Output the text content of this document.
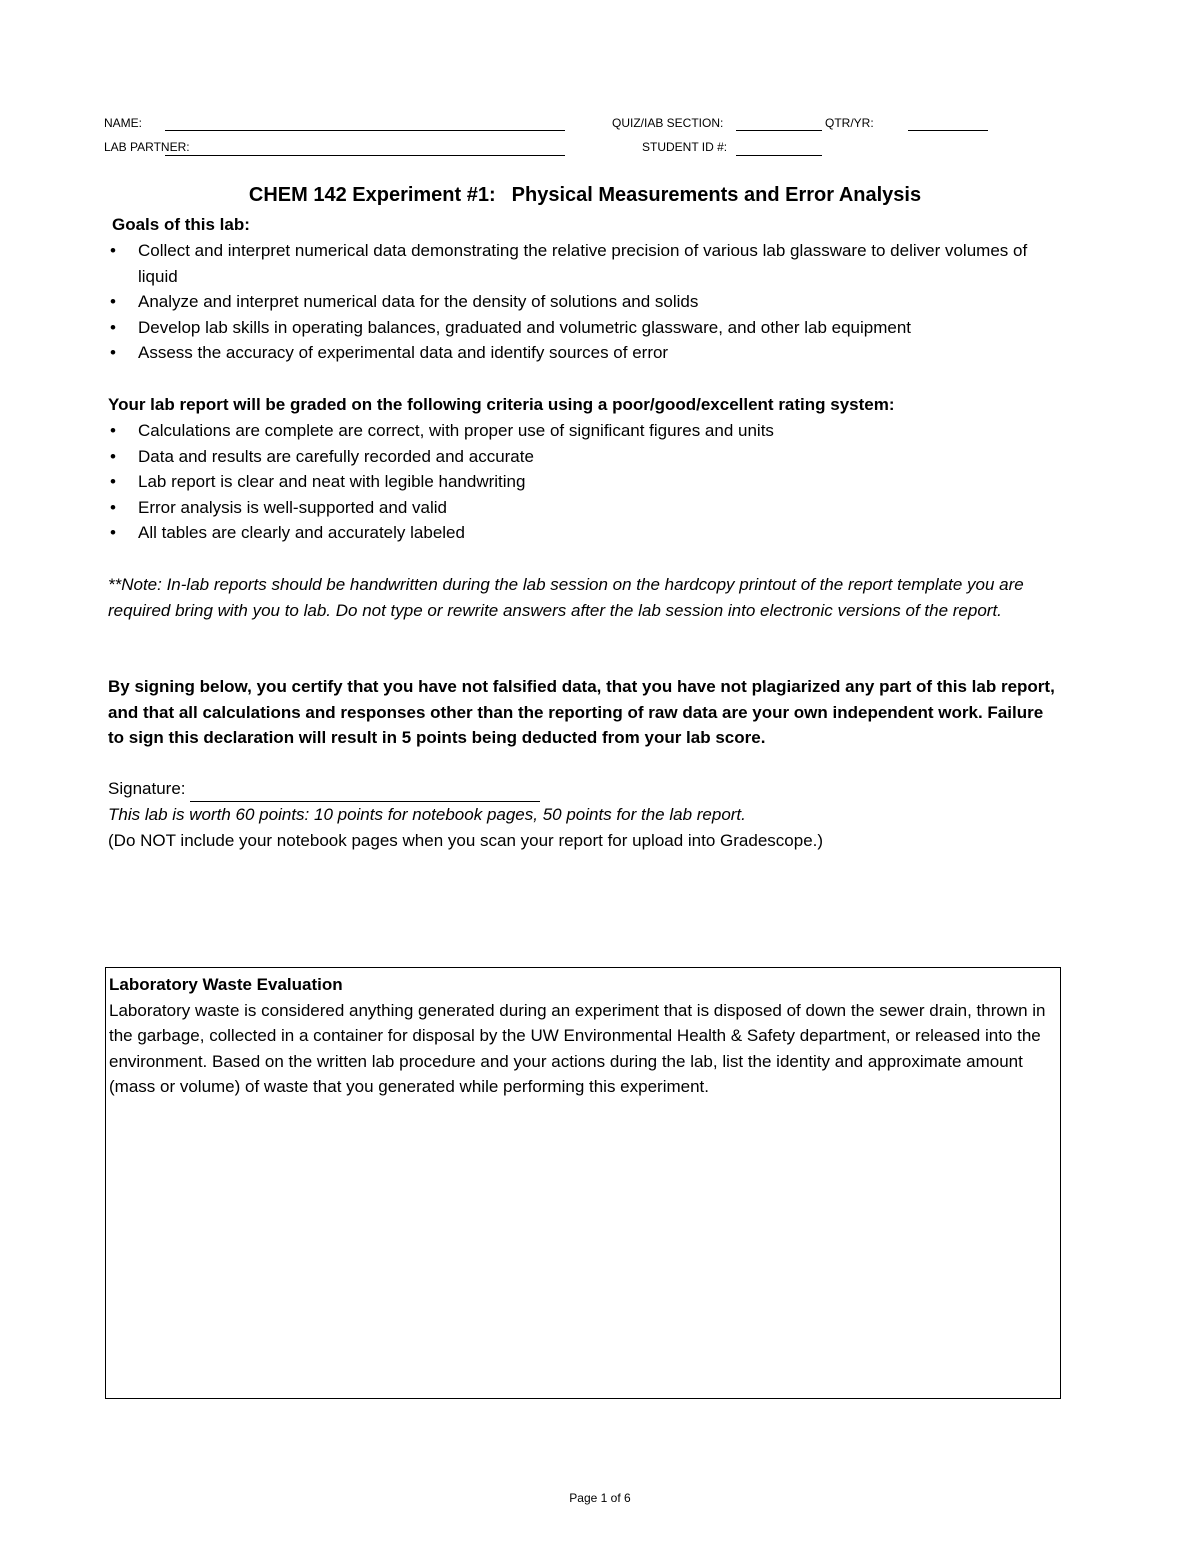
NAME:
LAB PARTNER:
QUIZ/IAB SECTION:	QTR/YR:
STUDENT ID #:
CHEM 142 Experiment #1: Physical Measurements and Error Analysis
Goals of this lab:
• Collect and interpret numerical data demonstrating the relative precision of various lab glassware to deliver volumes of liquid
• Analyze and interpret numerical data for the density of solutions and solids
• Develop lab skills in operating balances, graduated and volumetric glassware, and other lab equipment
• Assess the accuracy of experimental data and identify sources of error
Your lab report will be graded on the following criteria using a poor/good/excellent rating system:
• Calculations are complete are correct, with proper use of significant figures and units
• Data and results are carefully recorded and accurate
• Lab report is clear and neat with legible handwriting
• Error analysis is well-supported and valid
• All tables are clearly and accurately labeled
**Note: In-lab reports should be handwritten during the lab session on the hardcopy printout of the report template you are required bring with you to lab. Do not type or rewrite answers after the lab session into electronic versions of the report.
By signing below, you certify that you have not falsified data, that you have not plagiarized any part of this lab report, and that all calculations and responses other than the reporting of raw data are your own independent work. Failure to sign this declaration will result in 5 points being deducted from your lab score.
Signature:
This lab is worth 60 points: 10 points for notebook pages, 50 points for the lab report.
(Do NOT include your notebook pages when you scan your report for upload into Gradescope.)
Laboratory Waste Evaluation
Laboratory waste is considered anything generated during an experiment that is disposed of down the sewer drain, thrown in the garbage, collected in a container for disposal by the UW Environmental Health & Safety department, or released into the environment. Based on the written lab procedure and your actions during the lab, list the identity and approximate amount (mass or volume) of waste that you generated while performing this experiment.
Page 1 of 6
